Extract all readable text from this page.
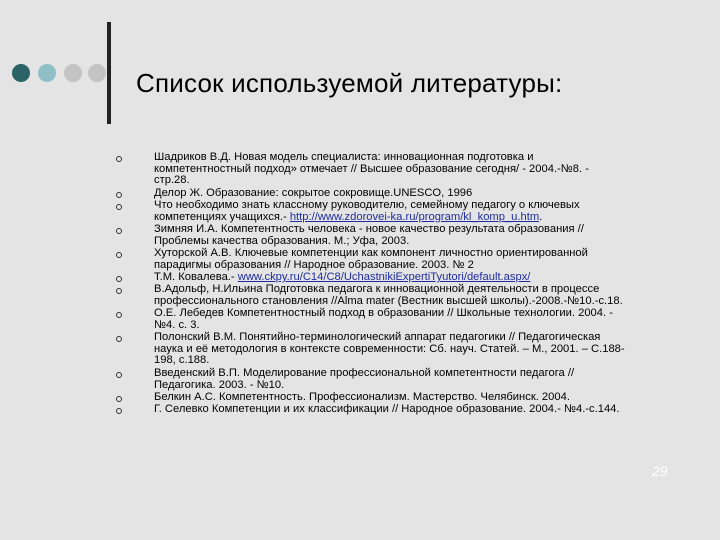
Список используемой литературы:
Шадриков В.Д. Новая модель специалиста: инновационная подготовка и
компетентностный подход» отмечает // Высшее образование сегодня/ - 2004.-№8. -
стр.28.
Делор Ж. Образование: сокрытое сокровище.UNESCO, 1996
Что необходимо знать классному руководителю, семейному педагогу о ключевых
компетенциях учащихся.- http://www.zdorovei-ka.ru/program/kl_komp_u.htm.
Зимняя И.А. Компетентность человека - новое качество результата образования //
Проблемы качества образования. М.; Уфа, 2003.
Хуторской А.В. Ключевые компетенции как компонент личностно ориентированной
парадигмы образования // Народное образование. 2003. № 2
Т.М. Ковалева.- www.ckpy.ru/C14/C8/UchastnikiExpertiTyutori/default.aspx/
В.Адольф, Н.Ильина Подготовка педагога к инновационной деятельности в процессе
профессионального становления //Alma mater (Вестник высшей школы).-2008.-№10.-с.18.
О.Е. Лебедев Компетентностный подход в образовании // Школьные технологии. 2004. -
№4. с. 3.
Полонский В.М. Понятийно-терминологический аппарат педагогики // Педагогическая
наука и её методология в контексте современности: Сб. науч. Статей. – М., 2001. – С.188-
198, с.188.
Введенский В.П. Моделирование профессиональной компетентности педагога //
Педагогика. 2003. - №10.
Белкин А.С. Компетентность. Профессионализм. Мастерство. Челябинск. 2004.
Г. Селевко Компетенции и их классификации // Народное образование. 2004.- №4.-с.144.
29
